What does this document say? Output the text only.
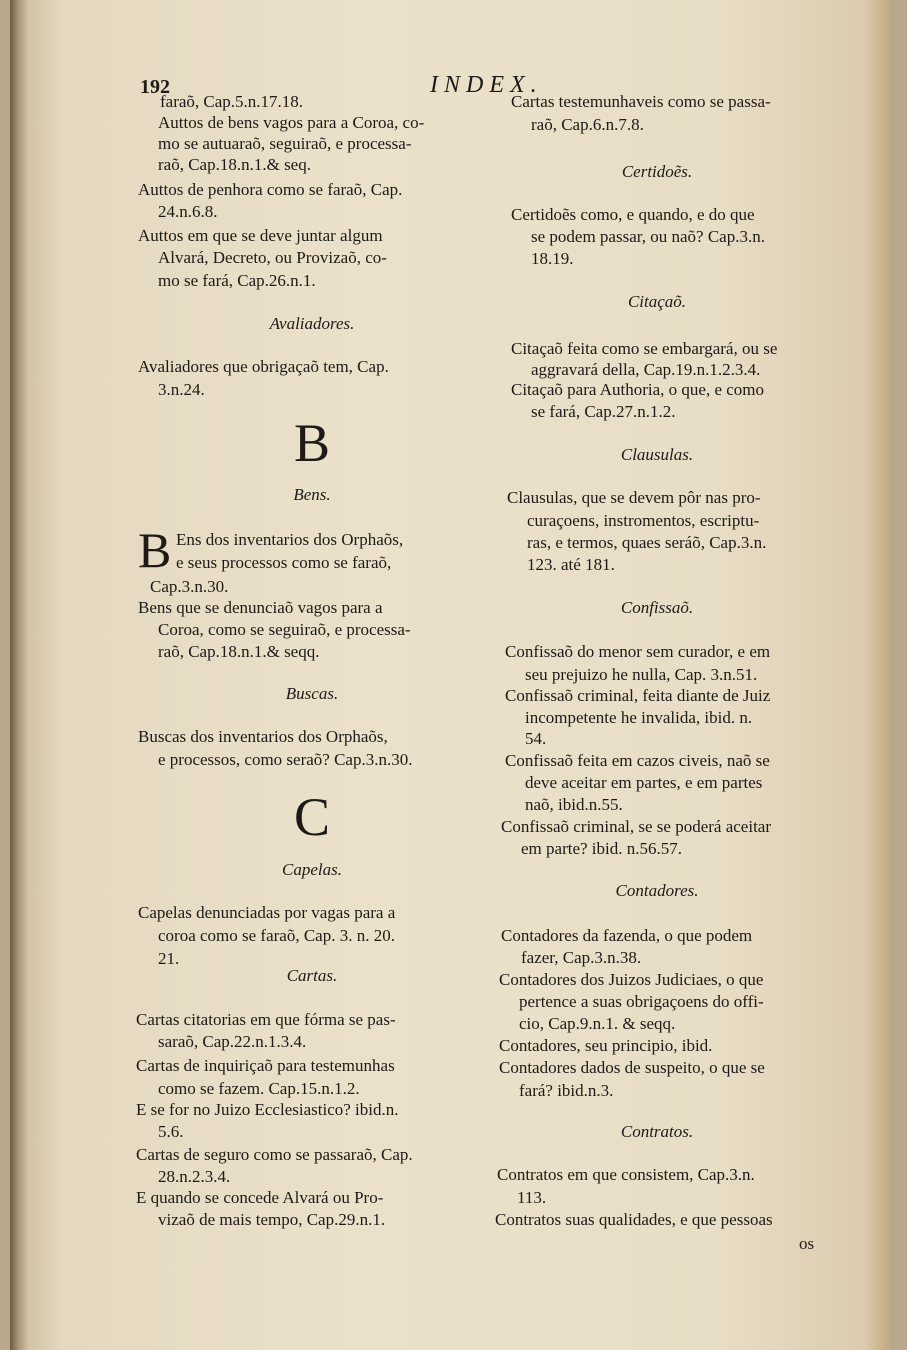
192	INDEX.
faraõ, Cap.5.n.17.18.
Auttos de bens vagos para a Coroa, co-
mo se autuaraõ, seguiraõ, e processa-
raõ, Cap.18.n.1.& seq.
Auttos de penhora como se faraõ, Cap.
24.n.6.8.
Auttos em que se deve juntar algum
Alvará, Decreto, ou Provizaõ, co-
mo se fará, Cap.26.n.1.
Avaliadores.
Avaliadores que obrigaçaõ tem, Cap.
3.n.24.
B
Bens.
B Ens dos inventarios dos Orphaõs,
e seus processos como se faraõ,
Cap.3.n.30.
Bens que se denunciaõ vagos para a
Coroa, como se seguiraõ, e processa-
raõ, Cap.18.n.1.& seqq.
Buscas.
Buscas dos inventarios dos Orphaõs,
e processos, como seraõ? Cap.3.n.30.
C
Capelas.
Capelas denunciadas por vagas para a
coroa como se faraõ, Cap. 3. n. 20.
21.
Cartas.
Cartas citatorias em que fórma se pas-
saraõ, Cap.22.n.1.3.4.
Cartas de inquiriçaõ para testemunhas
como se fazem. Cap.15.n.1.2.
E se for no Juizo Ecclesiastico? ibid.n.
5.6.
Cartas de seguro como se passaraõ, Cap.
28.n.2.3.4.
E quando se concede Alvará ou Pro-
vizaõ de mais tempo, Cap.29.n.1.
Cartas testemunhaveis como se passa-
raõ, Cap.6.n.7.8.
Certidoẽs.
Certidoẽs como, e quando, e do que
se podem passar, ou naõ? Cap.3.n.
18.19.
Citaçaõ.
Citaçaõ feita como se embargará, ou se
aggravará della, Cap.19.n.1.2.3.4.
Citaçaõ para Authoria, o que, e como
se fará, Cap.27.n.1.2.
Clausulas.
Clausulas, que se devem pôr nas pro-
curaçoens, instromentos, escriptu-
ras, e termos, quaes seráõ, Cap.3.n.
123. até 181.
Confissaõ.
Confissaõ do menor sem curador, e em
seu prejuizo he nulla, Cap. 3.n.51.
Confissaõ criminal, feita diante de Juiz
incompetente he invalida, ibid. n.
54.
Confissaõ feita em cazos civeis, naõ se
deve aceitar em partes, e em partes
naõ, ibid.n.55.
Confissaõ criminal, se se poderá aceitar
em parte? ibid. n.56.57.
Contadores.
Contadores da fazenda, o que podem
fazer, Cap.3.n.38.
Contadores dos Juizos Judiciaes, o que
pertence a suas obrigaçoens do offi-
cio, Cap.9.n.1. & seqq.
Contadores, seu principio, ibid.
Contadores dados de suspeito, o que se
fará? ibid.n.3.
Contratos.
Contratos em que consistem, Cap.3.n.
113.
Contratos suas qualidades, e que pessoas
os
